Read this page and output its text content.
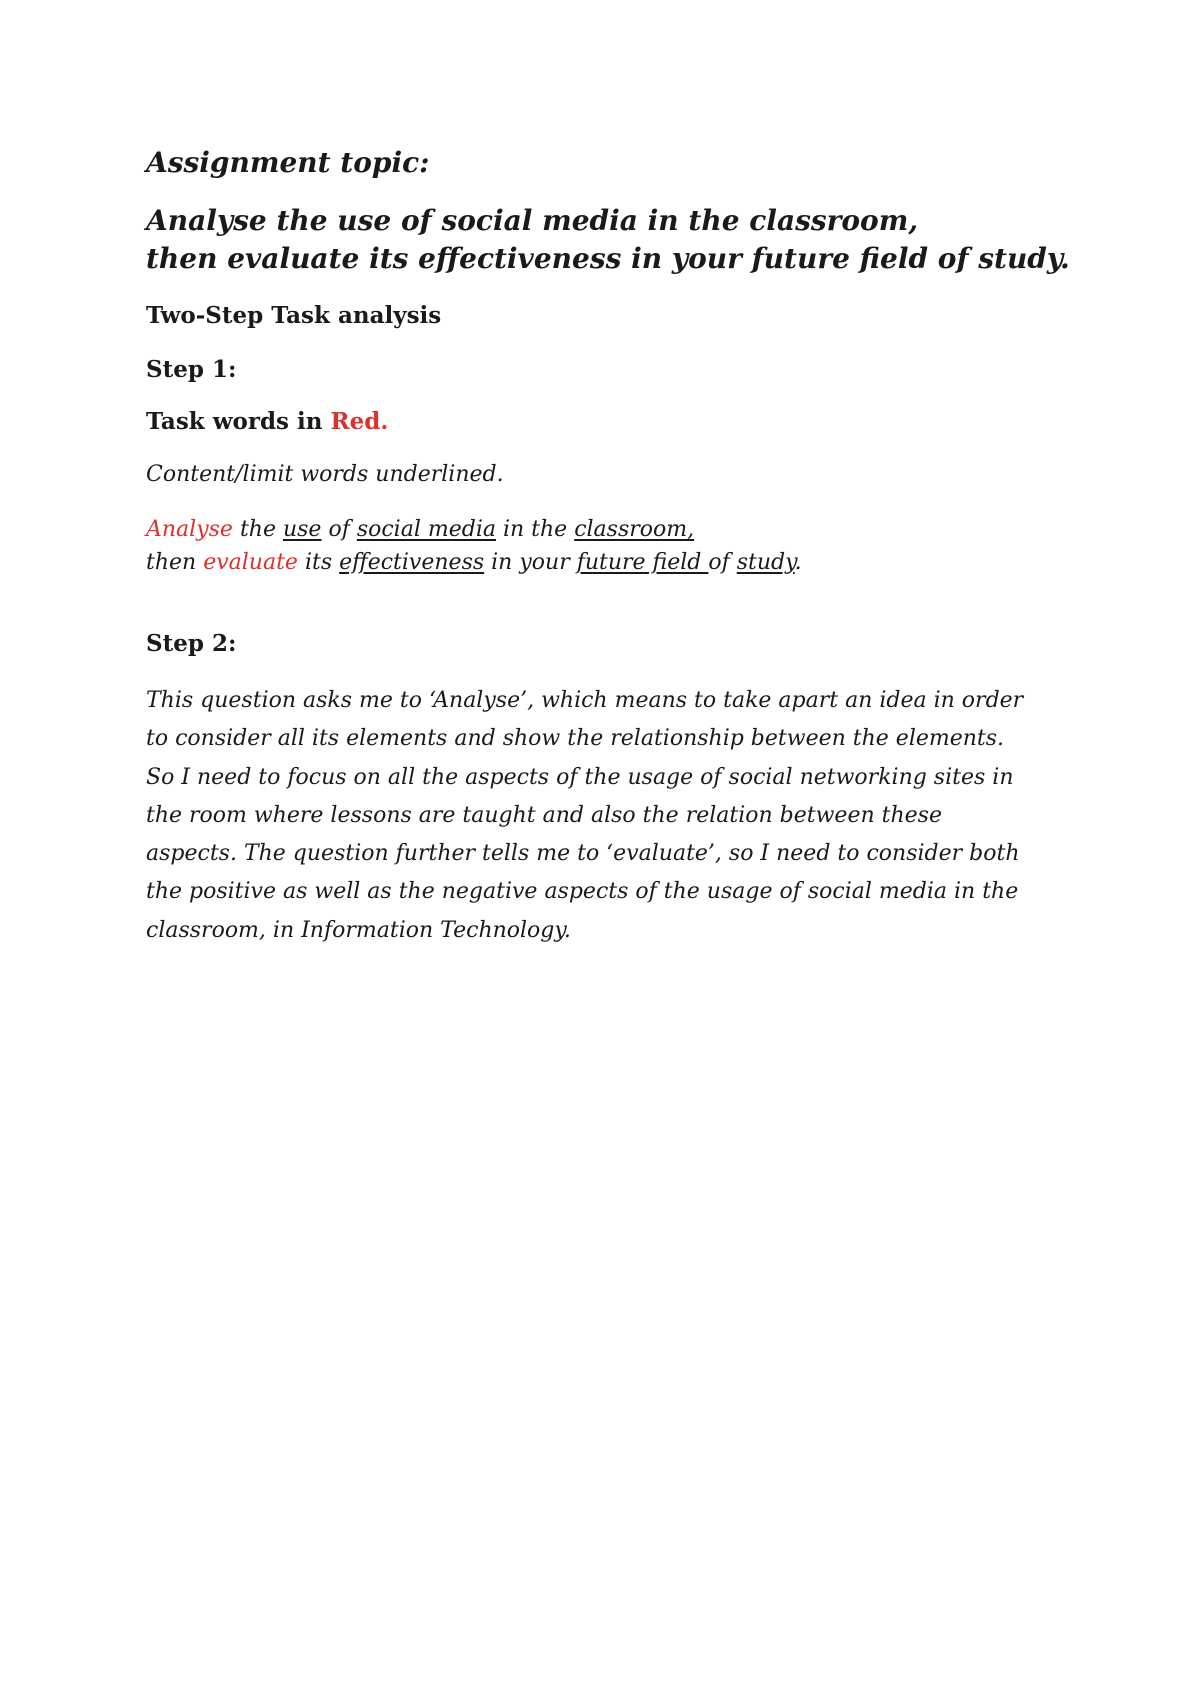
Assignment topic:
Analyse the use of social media in the classroom,
then evaluate its effectiveness in your future field of study.
Two-Step Task analysis
Step 1:
Task words in Red.
Content/limit words underlined.
Analyse the use of social media in the classroom,
then evaluate its effectiveness in your future field of study.
Step 2:
This question asks me to ‘Analyse’, which means to take apart an idea in order
to consider all its elements and show the relationship between the elements.
So I need to focus on all the aspects of the usage of social networking sites in
the room where lessons are taught and also the relation between these
aspects. The question further tells me to ‘evaluate’, so I need to consider both
the positive as well as the negative aspects of the usage of social media in the
classroom, in Information Technology.
